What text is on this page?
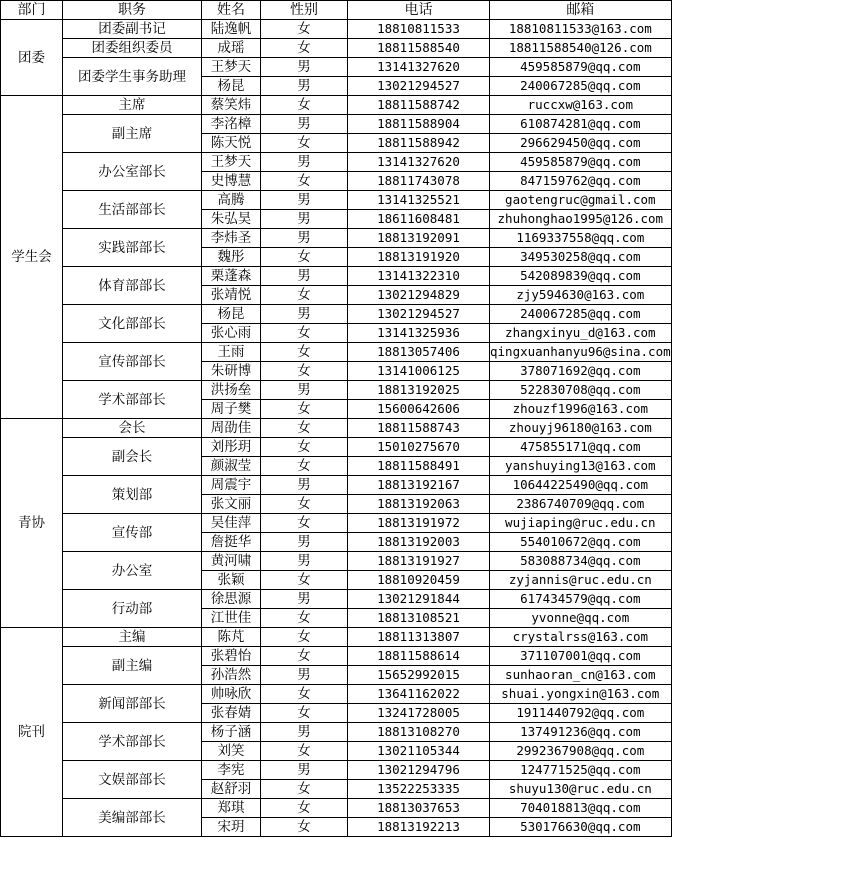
部门	职务	姓名	性别	电话	邮箱
团委	团委副书记	陆逸帆	女	18810811533	18810811533@163.com
	团委组织委员	成瑶	女	18811588540	18811588540@126.com
	团委学生事务助理	王梦天	男	13141327620	459585879@qq.com
		杨昆	男	13021294527	240067285@qq.com
学生会	主席	蔡笑炜	女	18811588742	ruccxw@163.com
	副主席	李洺樟	男	18811588904	610874281@qq.com
		陈天悦	女	18811588942	296629450@qq.com
	办公室部长	王梦天	男	13141327620	459585879@qq.com
		史博慧	女	18811743078	847159762@qq.com
	生活部部长	高腾	男	13141325521	gaotengruc@gmail.com
		朱弘昊	男	18611608481	zhuhonghao1995@126.com
	实践部部长	李炜圣	男	18813192091	1169337558@qq.com
		魏彤	女	18813191920	349530258@qq.com
	体育部部长	栗蓬森	男	13141322310	542089839@qq.com
		张靖悦	女	13021294829	zjy594630@163.com
	文化部部长	杨昆	男	13021294527	240067285@qq.com
		张心雨	女	13141325936	zhangxinyu_d@163.com
	宣传部部长	王雨	女	18813057406	qingxuanhanyu96@sina.com
		朱研博	女	13141006125	378071692@qq.com
	学术部部长	洪扬垒	男	18813192025	522830708@qq.com
		周子樊	女	15600642606	zhouzf1996@163.com
青协	会长	周劭佳	女	18811588743	zhouyj96180@163.com
	副会长	刘彤玥	女	15010275670	475855171@qq.com
		颜淑莹	女	18811588491	yanshuying13@163.com
	策划部	周震宇	男	18813192167	10644225490@qq.com
		张文丽	女	18813192063	2386740709@qq.com
	宣传部	吴佳萍	女	18813191972	wujiaping@ruc.edu.cn
		詹挺华	男	18813192003	554010672@qq.com
	办公室	黄河啸	男	18813191927	583088734@qq.com
		张颖	女	18810920459	zyjannis@ruc.edu.cn
	行动部	徐思源	男	13021291844	617434579@qq.com
		江世佳	女	18813108521	yvonne@qq.com
院刊	主编	陈芃	女	18811313807	crystalrss@163.com
	副主编	张碧怡	女	18811588614	371107001@qq.com
		孙浩然	男	15652992015	sunhaoran_cn@163.com
	新闻部部长	帅咏欣	女	13641162022	shuai.yongxin@163.com
		张春婧	女	13241728005	1911440792@qq.com
	学术部部长	杨子涵	男	18813108270	137491236@qq.com
		刘笑	女	13021105344	2992367908@qq.com
	文娱部部长	李宪	男	13021294796	124771525@qq.com
		赵舒羽	女	13522253335	shuyu130@ruc.edu.cn
	美编部部长	郑琪	女	18813037653	704018813@qq.com
		宋玥	女	18813192213	530176630@qq.com
